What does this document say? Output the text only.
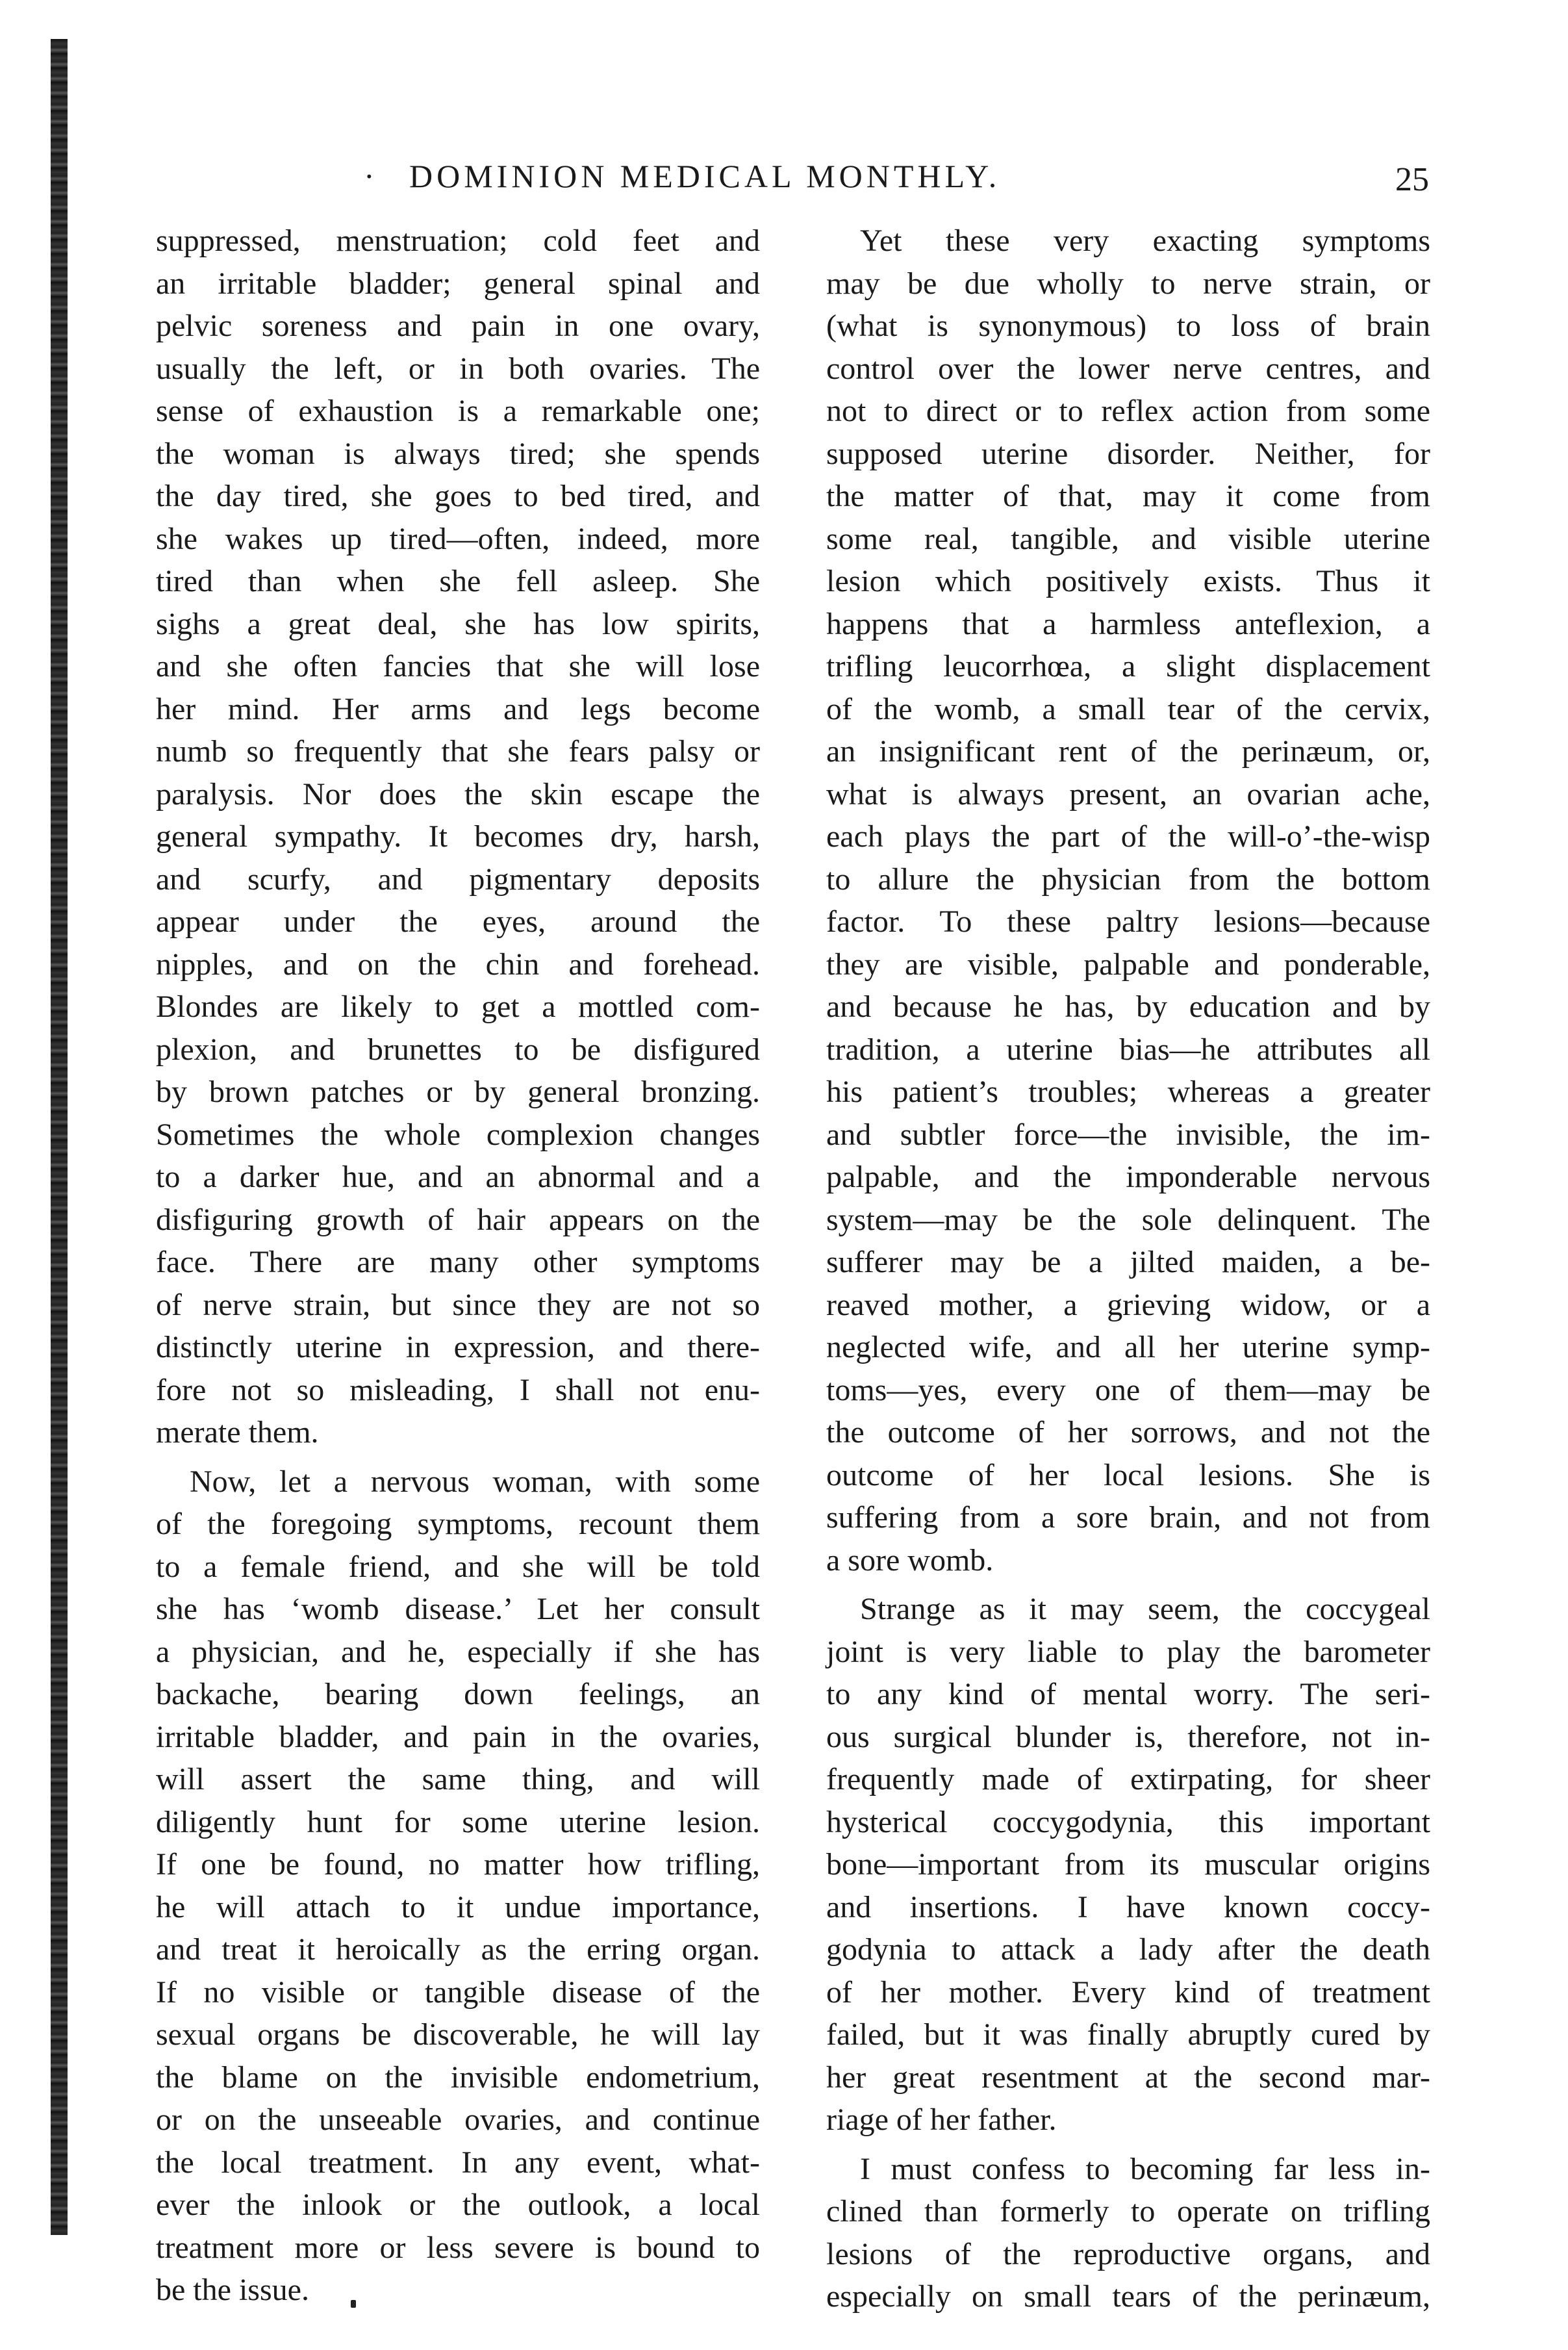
· DOMINION MEDICAL MONTHLY.	25
suppressed, menstruation; cold feet and
an irritable bladder; general spinal and
pelvic soreness and pain in one ovary,
usually the left, or in both ovaries. The
sense of exhaustion is a remarkable one;
the woman is always tired; she spends
the day tired, she goes to bed tired, and
she wakes up tired—often, indeed, more
tired than when she fell asleep. She
sighs a great deal, she has low spirits,
and she often fancies that she will lose
her mind. Her arms and legs become
numb so frequently that she fears palsy or
paralysis. Nor does the skin escape the
general sympathy. It becomes dry, harsh,
and scurfy, and pigmentary deposits
appear under the eyes, around the
nipples, and on the chin and forehead.
Blondes are likely to get a mottled com-
plexion, and brunettes to be disfigured
by brown patches or by general bronzing.
Sometimes the whole complexion changes
to a darker hue, and an abnormal and a
disfiguring growth of hair appears on the
face. There are many other symptoms
of nerve strain, but since they are not so
distinctly uterine in expression, and there-
fore not so misleading, I shall not enu-
merate them.
Now, let a nervous woman, with some
of the foregoing symptoms, recount them
to a female friend, and she will be told
she has ‘womb disease.’ Let her consult
a physician, and he, especially if she has
backache, bearing down feelings, an
irritable bladder, and pain in the ovaries,
will assert the same thing, and will
diligently hunt for some uterine lesion.
If one be found, no matter how trifling,
he will attach to it undue importance,
and treat it heroically as the erring organ.
If no visible or tangible disease of the
sexual organs be discoverable, he will lay
the blame on the invisible endometrium,
or on the unseeable ovaries, and continue
the local treatment. In any event, what-
ever the inlook or the outlook, a local
treatment more or less severe is bound to
be the issue.
Yet these very exacting symptoms
may be due wholly to nerve strain, or
(what is synonymous) to loss of brain
control over the lower nerve centres, and
not to direct or to reflex action from some
supposed uterine disorder. Neither, for
the matter of that, may it come from
some real, tangible, and visible uterine
lesion which positively exists. Thus it
happens that a harmless anteflexion, a
trifling leucorrhœa, a slight displacement
of the womb, a small tear of the cervix,
an insignificant rent of the perinæum, or,
what is always present, an ovarian ache,
each plays the part of the will-o’-the-wisp
to allure the physician from the bottom
factor. To these paltry lesions—because
they are visible, palpable and ponderable,
and because he has, by education and by
tradition, a uterine bias—he attributes all
his patient’s troubles; whereas a greater
and subtler force—the invisible, the im-
palpable, and the imponderable nervous
system—may be the sole delinquent. The
sufferer may be a jilted maiden, a be-
reaved mother, a grieving widow, or a
neglected wife, and all her uterine symp-
toms—yes, every one of them—may be
the outcome of her sorrows, and not the
outcome of her local lesions. She is
suffering from a sore brain, and not from
a sore womb.
Strange as it may seem, the coccygeal
joint is very liable to play the barometer
to any kind of mental worry. The seri-
ous surgical blunder is, therefore, not in-
frequently made of extirpating, for sheer
hysterical coccygodynia, this important
bone—important from its muscular origins
and insertions. I have known coccy-
godynia to attack a lady after the death
of her mother. Every kind of treatment
failed, but it was finally abruptly cured by
her great resentment at the second mar-
riage of her father.
I must confess to becoming far less in-
clined than formerly to operate on trifling
lesions of the reproductive organs, and
especially on small tears of the perinæum,
